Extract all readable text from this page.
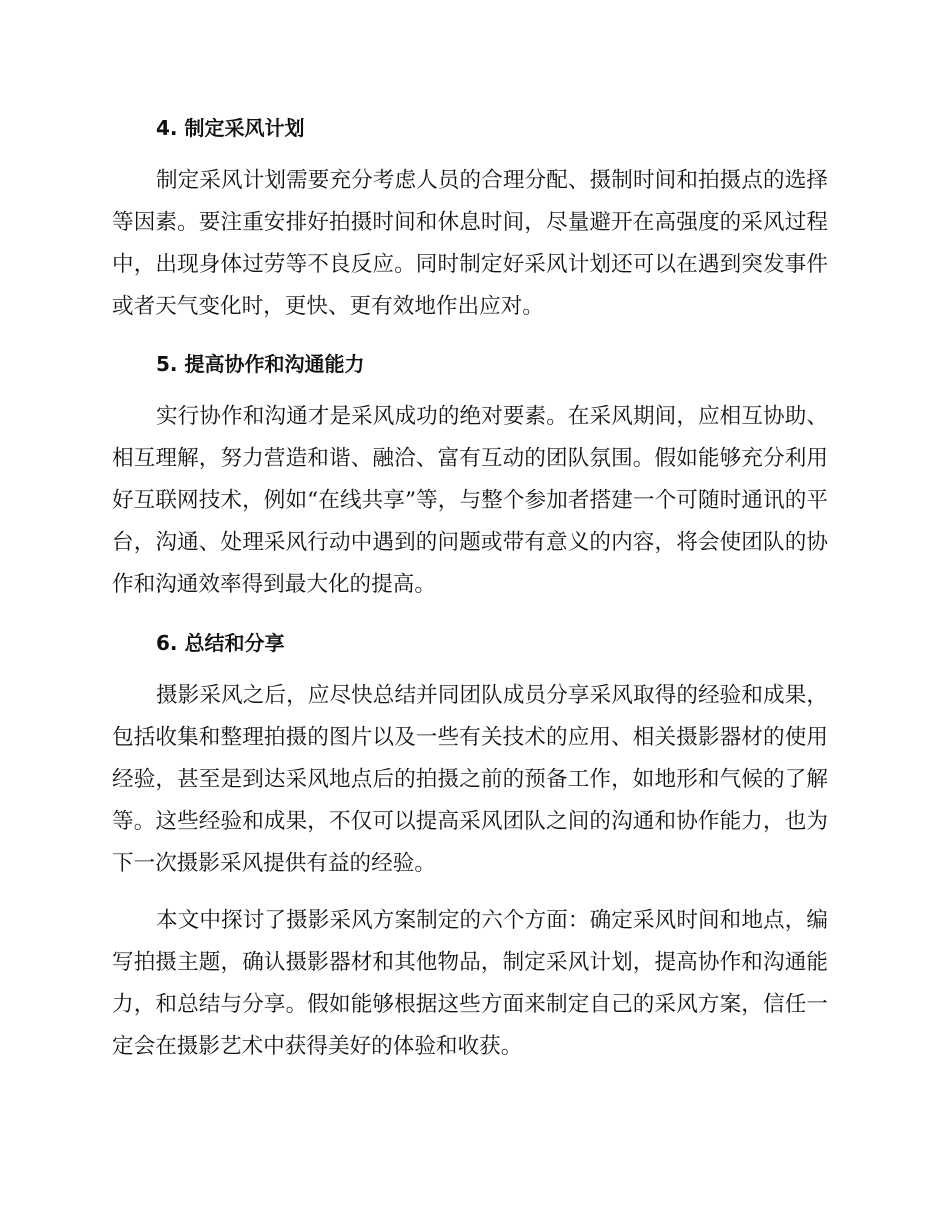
4. 制定采风计划

制定采风计划需要充分考虑人员的合理分配、摄制时间和拍摄点的选择等因素。要注重安排好拍摄时间和休息时间，尽量避开在高强度的采风过程中，出现身体过劳等不良反应。同时制定好采风计划还可以在遇到突发事件或者天气变化时，更快、更有效地作出应对。

5. 提高协作和沟通能力

实行协作和沟通才是采风成功的绝对要素。在采风期间，应相互协助、相互理解，努力营造和谐、融洽、富有互动的团队氛围。假如能够充分利用好互联网技术，例如“在线共享”等，与整个参加者搭建一个可随时通讯的平台，沟通、处理采风行动中遇到的问题或带有意义的内容，将会使团队的协作和沟通效率得到最大化的提高。

6. 总结和分享

摄影采风之后，应尽快总结并同团队成员分享采风取得的经验和成果，包括收集和整理拍摄的图片以及一些有关技术的应用、相关摄影器材的使用经验，甚至是到达采风地点后的拍摄之前的预备工作，如地形和气候的了解等。这些经验和成果，不仅可以提高采风团队之间的沟通和协作能力，也为下一次摄影采风提供有益的经验。

本文中探讨了摄影采风方案制定的六个方面：确定采风时间和地点，编写拍摄主题，确认摄影器材和其他物品，制定采风计划，提高协作和沟通能力，和总结与分享。假如能够根据这些方面来制定自己的采风方案，信任一定会在摄影艺术中获得美好的体验和收获。
